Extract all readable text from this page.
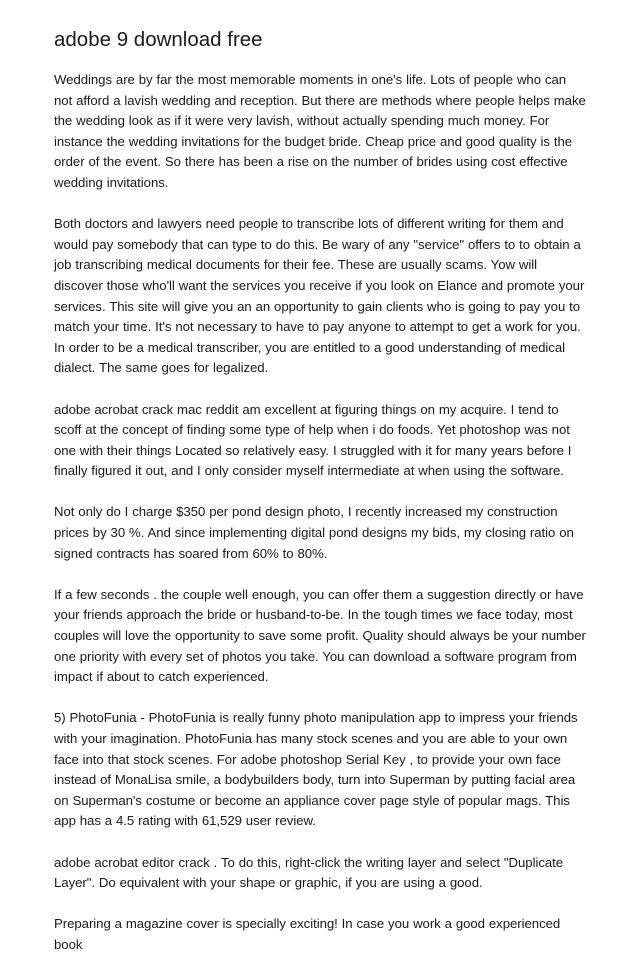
adobe 9 download free

Weddings are by far the most memorable moments in one's life. Lots of people who can not afford a lavish wedding and reception. But there are methods where people helps make the wedding look as if it were very lavish, without actually spending much money. For instance the wedding invitations for the budget bride. Cheap price and good quality is the order of the event. So there has been a rise on the number of brides using cost effective wedding invitations.

Both doctors and lawyers need people to transcribe lots of different writing for them and would pay somebody that can type to do this. Be wary of any "service" offers to to obtain a job transcribing medical documents for their fee. These are usually scams. Yow will discover those who'll want the services you receive if you look on Elance and promote your services. This site will give you an an opportunity to gain clients who is going to pay you to match your time. It's not necessary to have to pay anyone to attempt to get a work for you. In order to be a medical transcriber, you are entitled to a good understanding of medical dialect. The same goes for legalized.

adobe acrobat crack mac reddit am excellent at figuring things on my acquire. I tend to scoff at the concept of finding some type of help when i do foods. Yet photoshop was not one with their things Located so relatively easy. I struggled with it for many years before I finally figured it out, and I only consider myself intermediate at when using the software.

Not only do I charge $350 per pond design photo, I recently increased my construction prices by 30 %. And since implementing digital pond designs my bids, my closing ratio on signed contracts has soared from 60% to 80%.

If a few seconds . the couple well enough, you can offer them a suggestion directly or have your friends approach the bride or husband-to-be. In the tough times we face today, most couples will love the opportunity to save some profit. Quality should always be your number one priority with every set of photos you take. You can download a software program from impact if about to catch experienced.

5) PhotoFunia - PhotoFunia is really funny photo manipulation app to impress your friends with your imagination. PhotoFunia has many stock scenes and you are able to your own face into that stock scenes. For adobe photoshop Serial Key , to provide your own face instead of MonaLisa smile, a bodybuilders body, turn into Superman by putting facial area on Superman's costume or become an appliance cover page style of popular mags. This app has a 4.5 rating with 61,529 user review.

adobe acrobat editor crack . To do this, right-click the writing layer and select "Duplicate Layer". Do equivalent with your shape or graphic, if you are using a good.

Preparing a magazine cover is specially exciting! In case you work a good experienced book
